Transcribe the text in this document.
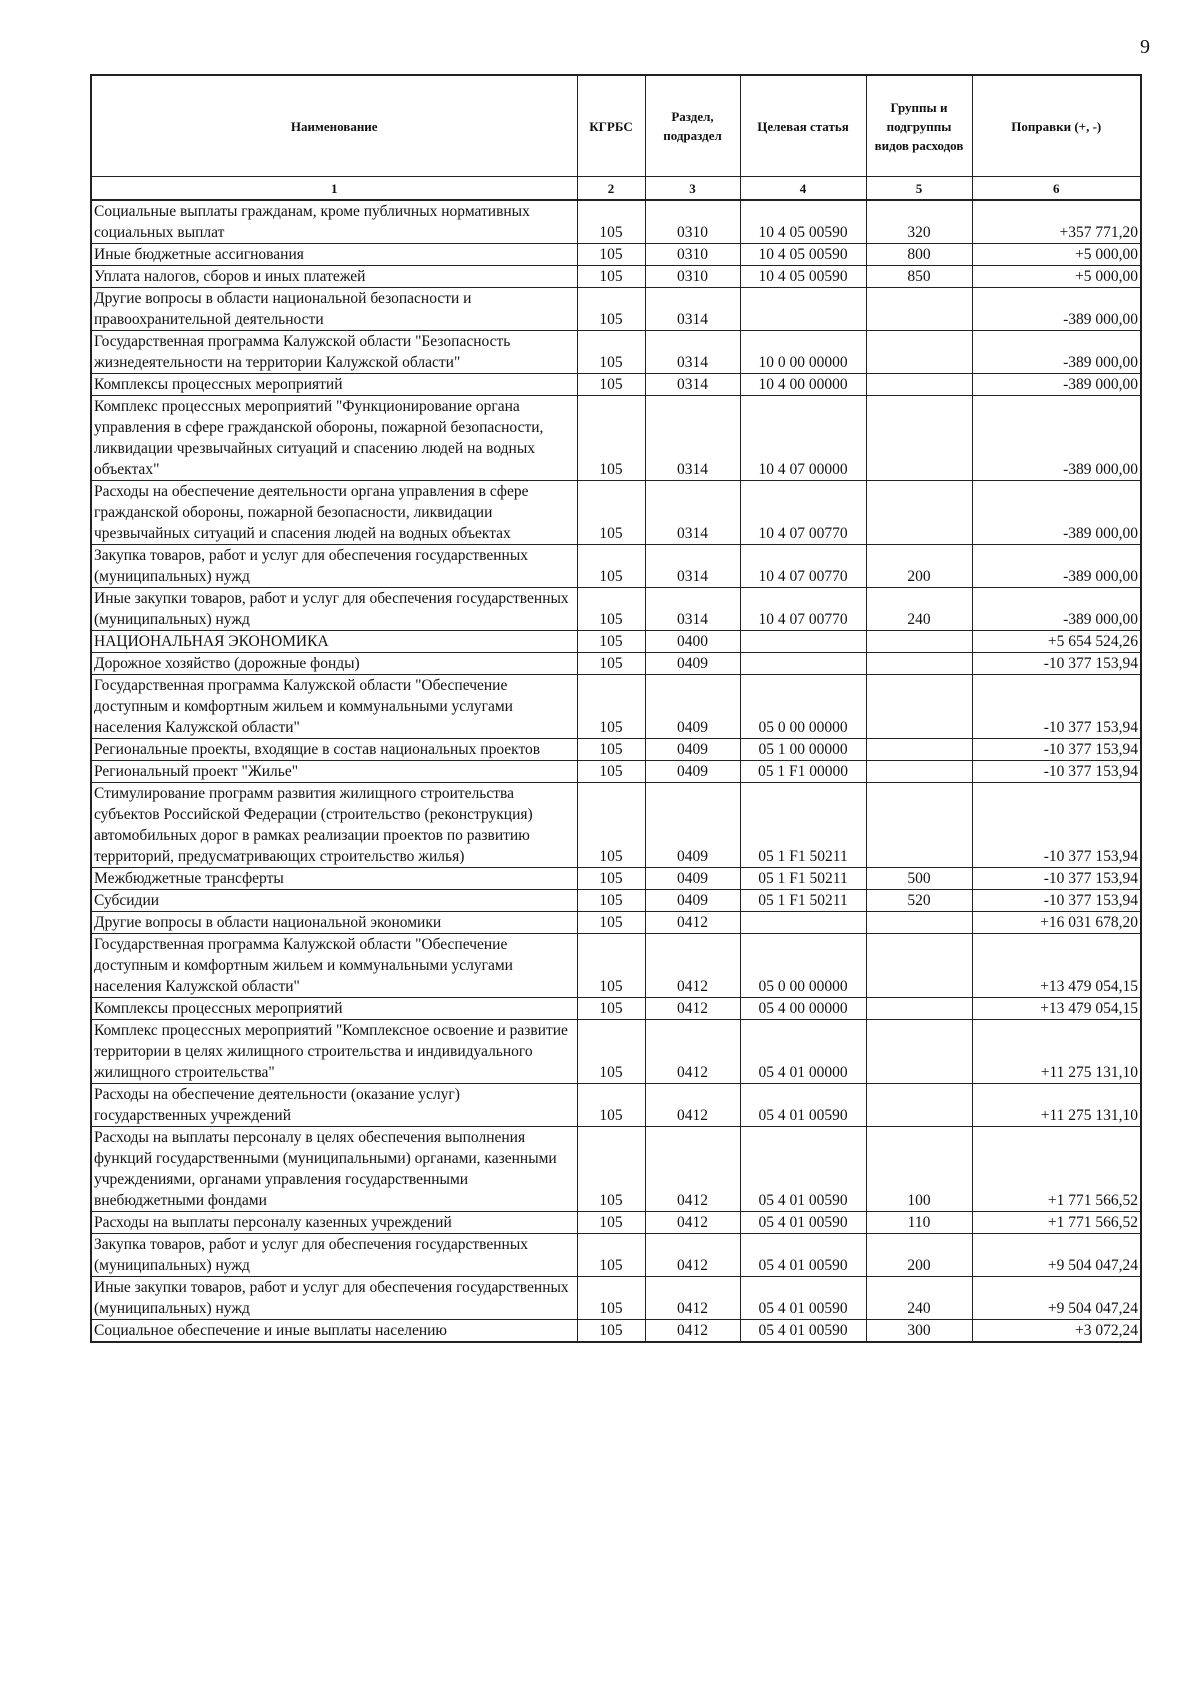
9
Наименование	КГРБС	Раздел, подраздел	Целевая статья	Группы и подгруппы видов расходов	Поправки (+, -)
1	2	3	4	5	6
Социальные выплаты гражданам, кроме публичных нормативных социальных выплат	105	0310	10 4 05 00590	320	+357 771,20
Иные бюджетные ассигнования	105	0310	10 4 05 00590	800	+5 000,00
Уплата налогов, сборов и иных платежей	105	0310	10 4 05 00590	850	+5 000,00
Другие вопросы в области национальной безопасности и правоохранительной деятельности	105	0314			-389 000,00
Государственная программа Калужской области "Безопасность жизнедеятельности на территории Калужской области"	105	0314	10 0 00 00000		-389 000,00
Комплексы процессных мероприятий	105	0314	10 4 00 00000		-389 000,00
Комплекс процессных мероприятий "Функционирование органа управления в сфере гражданской обороны, пожарной безопасности, ликвидации чрезвычайных ситуаций и спасению людей на водных объектах"	105	0314	10 4 07 00000		-389 000,00
Расходы на обеспечение деятельности органа управления в сфере гражданской обороны, пожарной безопасности, ликвидации чрезвычайных ситуаций и спасения людей на водных объектах	105	0314	10 4 07 00770		-389 000,00
Закупка товаров, работ и услуг для обеспечения государственных (муниципальных) нужд	105	0314	10 4 07 00770	200	-389 000,00
Иные закупки товаров, работ и услуг для обеспечения государственных (муниципальных) нужд	105	0314	10 4 07 00770	240	-389 000,00
НАЦИОНАЛЬНАЯ ЭКОНОМИКА	105	0400			+5 654 524,26
Дорожное хозяйство (дорожные фонды)	105	0409			-10 377 153,94
Государственная программа Калужской области "Обеспечение доступным и комфортным жильем и коммунальными услугами населения Калужской области"	105	0409	05 0 00 00000		-10 377 153,94
Региональные проекты, входящие в состав национальных проектов	105	0409	05 1 00 00000		-10 377 153,94
Региональный проект "Жилье"	105	0409	05 1 F1 00000		-10 377 153,94
Стимулирование программ развития жилищного строительства субъектов Российской Федерации (строительство (реконструкция) автомобильных дорог в рамках реализации проектов по развитию территорий, предусматривающих строительство жилья)	105	0409	05 1 F1 50211		-10 377 153,94
Межбюджетные трансферты	105	0409	05 1 F1 50211	500	-10 377 153,94
Субсидии	105	0409	05 1 F1 50211	520	-10 377 153,94
Другие вопросы в области национальной экономики	105	0412			+16 031 678,20
Государственная программа Калужской области "Обеспечение доступным и комфортным жильем и коммунальными услугами населения Калужской области"	105	0412	05 0 00 00000		+13 479 054,15
Комплексы процессных мероприятий	105	0412	05 4 00 00000		+13 479 054,15
Комплекс процессных мероприятий "Комплексное освоение и развитие территории в целях жилищного строительства и индивидуального жилищного строительства"	105	0412	05 4 01 00000		+11 275 131,10
Расходы на обеспечение деятельности (оказание услуг) государственных учреждений	105	0412	05 4 01 00590		+11 275 131,10
Расходы на выплаты персоналу в целях обеспечения выполнения функций государственными (муниципальными) органами, казенными учреждениями, органами управления государственными внебюджетными фондами	105	0412	05 4 01 00590	100	+1 771 566,52
Расходы на выплаты персоналу казенных учреждений	105	0412	05 4 01 00590	110	+1 771 566,52
Закупка товаров, работ и услуг для обеспечения государственных (муниципальных) нужд	105	0412	05 4 01 00590	200	+9 504 047,24
Иные закупки товаров, работ и услуг для обеспечения государственных (муниципальных) нужд	105	0412	05 4 01 00590	240	+9 504 047,24
Социальное обеспечение и иные выплаты населению	105	0412	05 4 01 00590	300	+3 072,24
